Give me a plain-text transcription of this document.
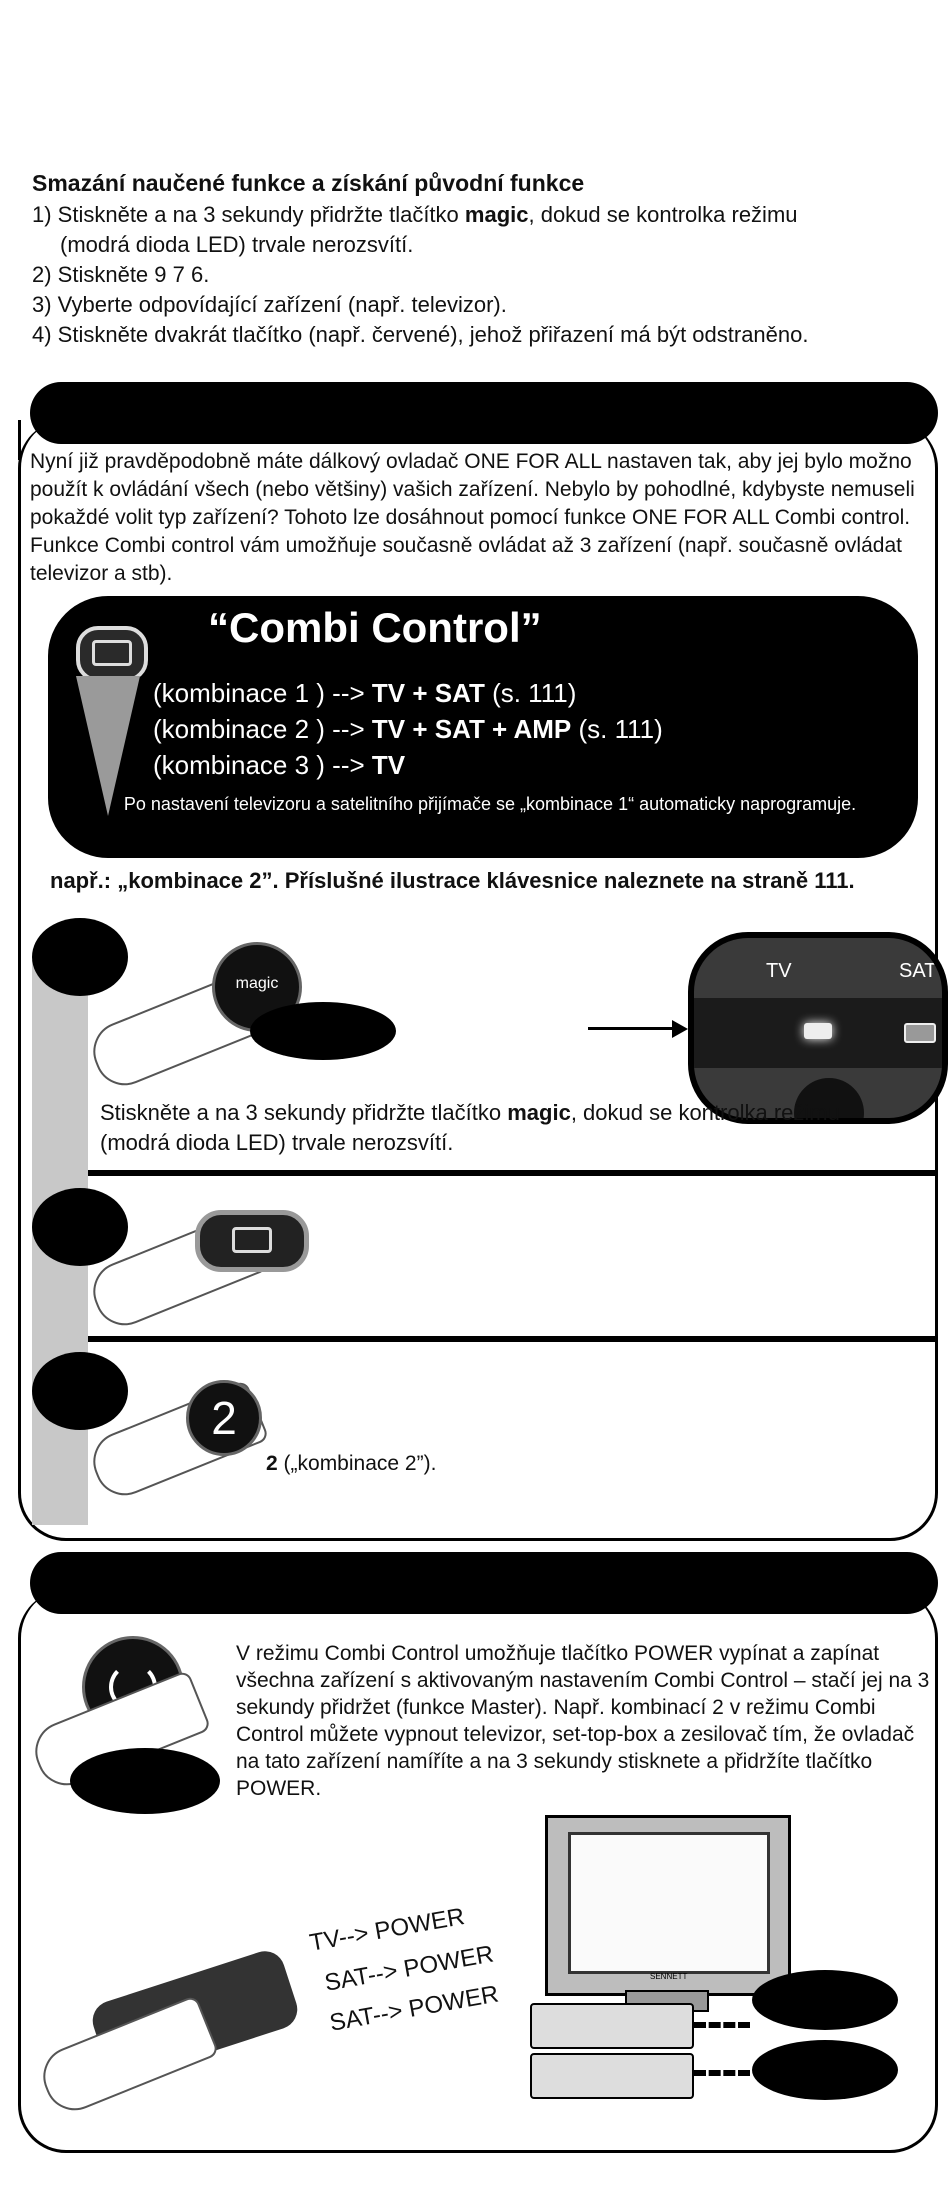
Smazání naučené funkce a získání původní funkce
1) Stiskněte a na 3 sekundy přidržte tlačítko magic, dokud se kontrolka režimu
(modrá dioda LED) trvale nerozsvítí.
2) Stiskněte 9 7 6.
3) Vyberte odpovídající zařízení (např. televizor).
4) Stiskněte dvakrát tlačítko (např. červené), jehož přiřazení má být odstraněno.
Nyní již pravděpodobně máte dálkový ovladač ONE FOR ALL nastaven tak, aby jej bylo možno použít k ovládání všech (nebo většiny) vašich zařízení. Nebylo by pohodlné, kdybyste nemuseli pokaždé volit typ zařízení? Tohoto lze dosáhnout pomocí funkce ONE FOR ALL Combi control. Funkce Combi control vám umožňuje současně ovládat až 3 zařízení (např. současně ovládat televizor a stb).
“Combi Control”
(kombinace 1 ) --> TV + SAT (s. 111)
(kombinace 2 ) --> TV + SAT + AMP (s. 111)
(kombinace 3 ) --> TV
Po nastavení televizoru a satelitního přijímače se „kombinace 1“ automaticky naprogramuje.
např.: „kombinace 2”. Příslušné ilustrace klávesnice naleznete na straně 111.
magic
TV	SAT
Stiskněte a na 3 sekundy přidržte tlačítko magic, dokud se kontrolka režimu
(modrá dioda LED) trvale nerozsvítí.
2
2 („kombinace 2”).
V režimu Combi Control umožňuje tlačítko POWER vypínat a zapínat všechna zařízení s aktivovaným nastavením Combi Control – stačí jej na 3 sekundy přidržet (funkce Master). Např. kombinací 2 v režimu Combi Control můžete vypnout televizor, set-top-box a zesilovač tím, že ovladač na tato zařízení namíříte a na 3 sekundy stisknete a přidržíte tlačítko POWER.
SENNETT
TV--> POWER
SAT--> POWER
SAT--> POWER
